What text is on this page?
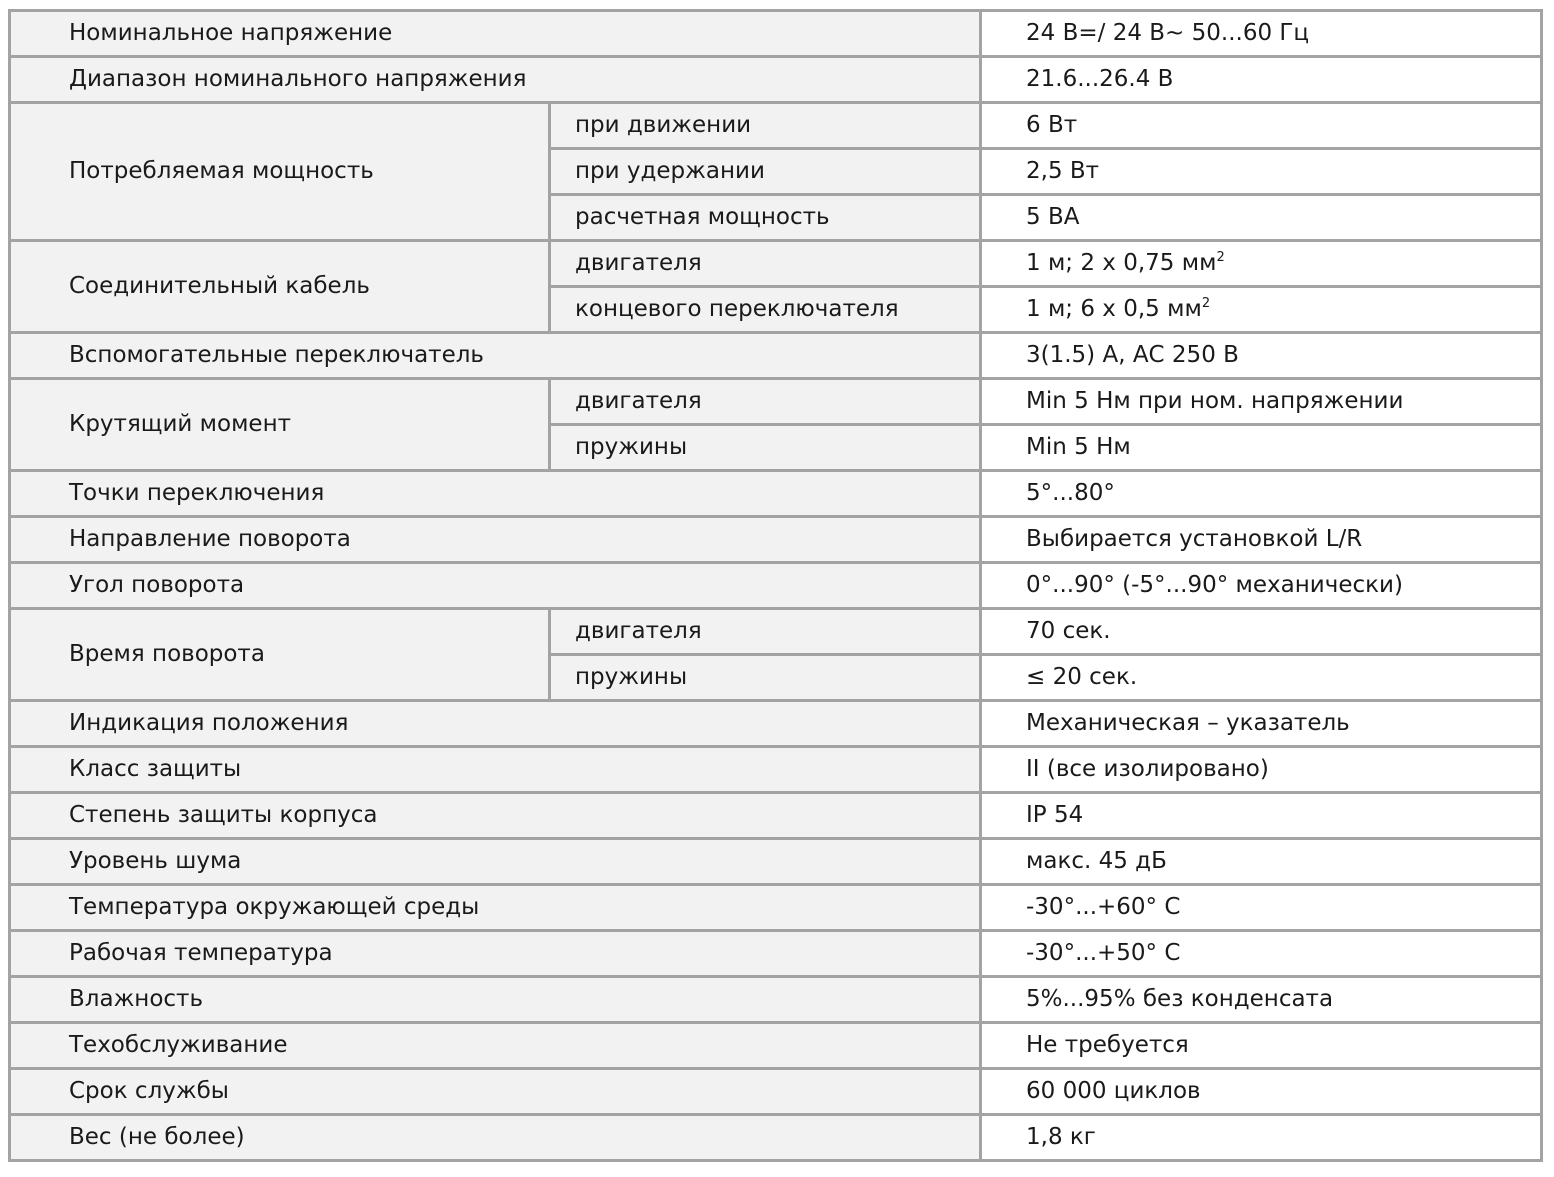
Номинальное напряжение		24 В=/ 24 В~ 50...60 Гц
Диапазон номинального напряжения		21.6...26.4 В
Потребляемая мощность	при движении	6 Вт
	при удержании	2,5 Вт
	расчетная мощность	5 ВА
Соединительный кабель	двигателя	1 м; 2 х 0,75 $мм^2$
	концевого переключателя	1 м; 6 х 0,5 $мм^2$
Вспомогательные переключатель		3(1.5) А, АС 250 В
Крутящий момент	двигателя	Min 5 Нм при ном. напряжении
	пружины	Min 5 Нм
Точки переключения		5°...80°
Направление поворота		Выбирается установкой L/R
Угол поворота		0°...90° (-5°...90° механически)
Время поворота	двигателя	70 сек.
	пружины	≤ 20 сек.
Индикация положения		Механическая – указатель
Класс защиты		II (все изолировано)
Степень защиты корпуса		IP 54
Уровень шума		макс. 45 дБ
Температура окружающей среды		-30°...+60° С
Рабочая температура		-30°...+50° С
Влажность		5%...95% без конденсата
Техобслуживание		Не требуется
Срок службы		60 000 циклов
Вес (не более)		1,8 кг
